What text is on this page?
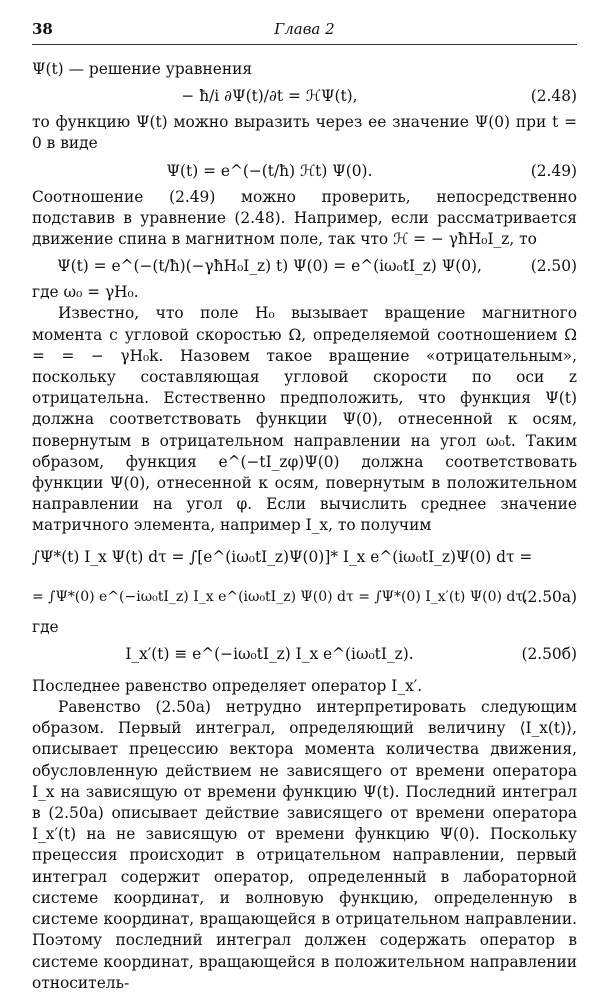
38	Глава 2

Ψ(t) — решение уравнения

− ħ/i ∂Ψ(t)/∂t = ℋΨ(t),	(2.48)

то функцию Ψ(t) можно выразить через ее значение Ψ(0) при t = 0 в виде

Ψ(t) = e^(−(t/ħ) ℋt) Ψ(0).	(2.49)

Соотношение (2.49) можно проверить, непосредственно подставив в уравнение (2.48). Например, если рассматривается движение спина в магнитном поле, так что ℋ = − γħH₀I_z, то

Ψ(t) = e^(−(t/ħ)(−γħH₀I_z) t) Ψ(0) = e^(iω₀tI_z) Ψ(0),	(2.50)

где ω₀ = γH₀.

Известно, что поле H₀ вызывает вращение магнитного момента с угловой скоростью Ω, определяемой соотношением Ω = = − γH₀k. Назовем такое вращение «отрицательным», поскольку составляющая угловой скорости по оси z отрицательна. Естественно предположить, что функция Ψ(t) должна соответствовать функции Ψ(0), отнесенной к осям, повернутым в отрицательном направлении на угол ω₀t. Таким образом, функция e^(−tI_zφ)Ψ(0) должна соответствовать функции Ψ(0), отнесенной к осям, повернутым в положительном направлении на угол φ. Если вычислить среднее значение матричного элемента, например I_x, то получим

∫Ψ*(t) I_x Ψ(t) dτ = ∫[e^(iω₀tI_z)Ψ(0)]* I_x e^(iω₀tI_z)Ψ(0) dτ =
= ∫Ψ*(0) e^(−iω₀tI_z) I_x e^(iω₀tI_z) Ψ(0) dτ = ∫Ψ*(0) I_x′(t) Ψ(0) dτ,
(2.50а)

где

I_x′(t) ≡ e^(−iω₀tI_z) I_x e^(iω₀tI_z).	(2.50б)

Последнее равенство определяет оператор I_x′.

Равенство (2.50а) нетрудно интерпретировать следующим образом. Первый интеграл, определяющий величину ⟨I_x(t)⟩, описывает прецессию вектора момента количества движения, обусловленную действием не зависящего от времени оператора I_x на зависящую от времени функцию Ψ(t). Последний интеграл в (2.50а) описывает действие зависящего от времени оператора I_x′(t) на не зависящую от времени функцию Ψ(0). Поскольку прецессия происходит в отрицательном направлении, первый интеграл содержит оператор, определенный в лабораторной системе координат, и волновую функцию, определенную в системе координат, вращающейся в отрицательном направлении. Поэтому последний интеграл должен содержать оператор в системе координат, вращающейся в положительном направлении относитель-
